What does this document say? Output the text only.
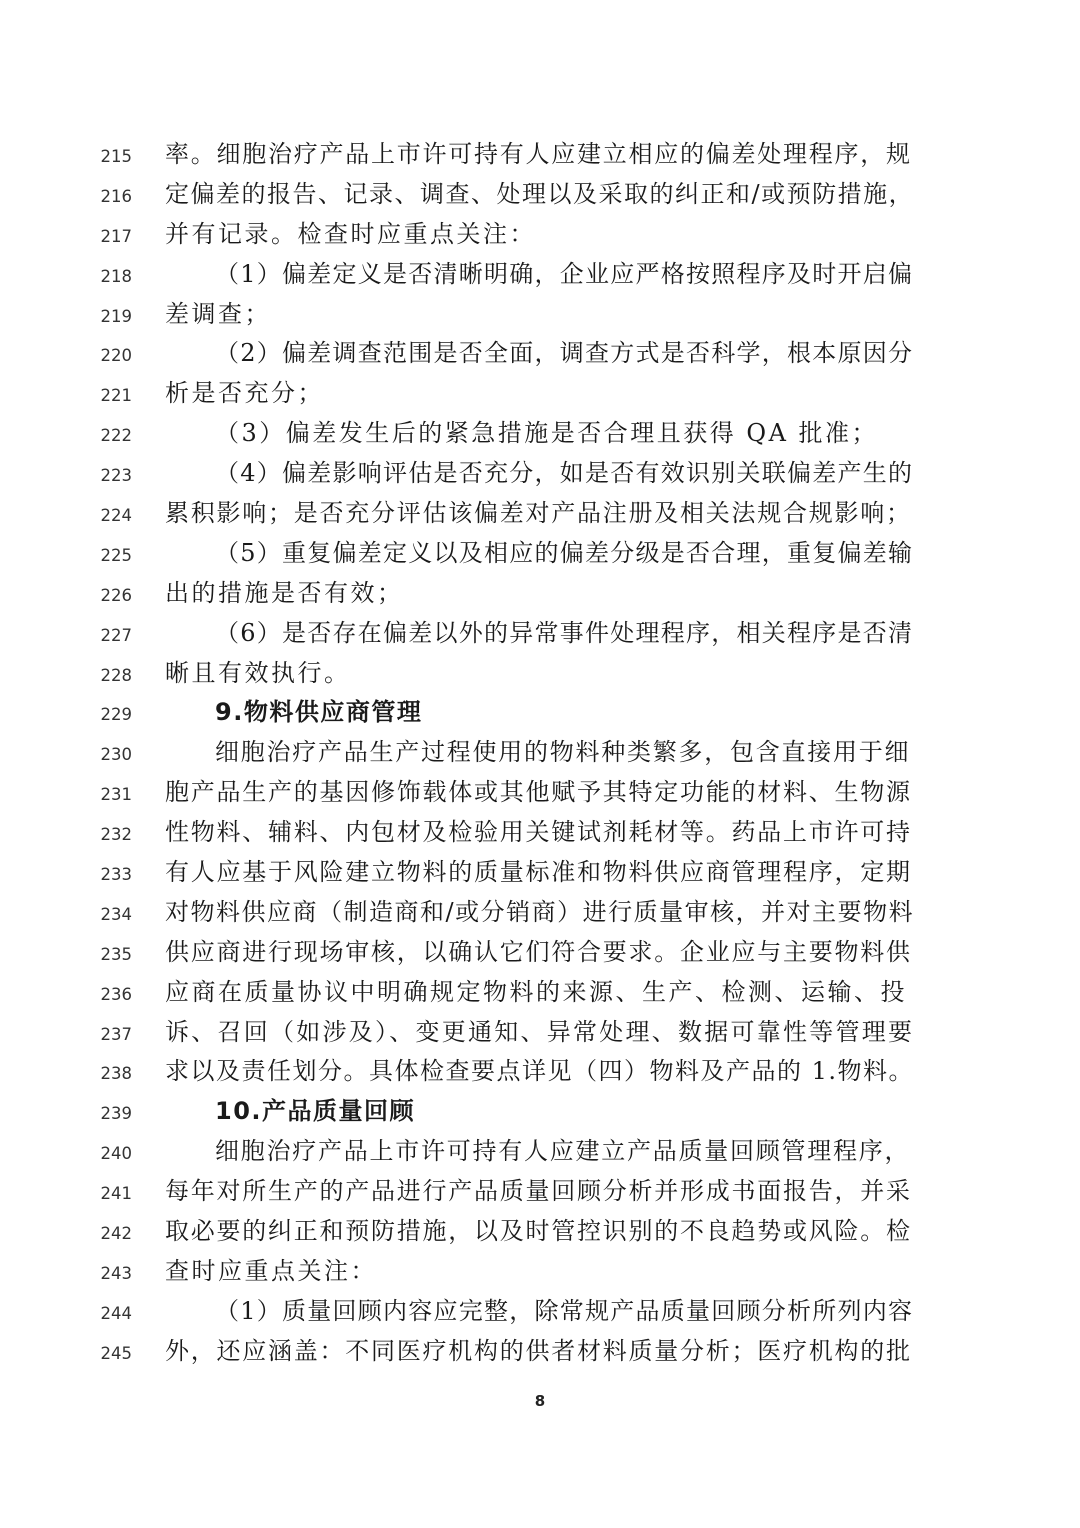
215 率。细胞治疗产品上市许可持有人应建立相应的偏差处理程序，规
216 定偏差的报告、记录、调查、处理以及采取的纠正和/或预防措施，
217 并有记录。检查时应重点关注：
218	（1）偏差定义是否清晰明确，企业应严格按照程序及时开启偏
219 差调查；
220	（2）偏差调查范围是否全面，调查方式是否科学，根本原因分
221 析是否充分；
222	（3）偏差发生后的紧急措施是否合理且获得 QA 批准；
223	（4）偏差影响评估是否充分，如是否有效识别关联偏差产生的
224 累积影响；是否充分评估该偏差对产品注册及相关法规合规影响；
225	（5）重复偏差定义以及相应的偏差分级是否合理，重复偏差输
226 出的措施是否有效；
227	（6）是否存在偏差以外的异常事件处理程序，相关程序是否清
228 晰且有效执行。
229	9.物料供应商管理
230	细胞治疗产品生产过程使用的物料种类繁多，包含直接用于细
231 胞产品生产的基因修饰载体或其他赋予其特定功能的材料、生物源
232 性物料、辅料、内包材及检验用关键试剂耗材等。药品上市许可持
233 有人应基于风险建立物料的质量标准和物料供应商管理程序，定期
234 对物料供应商（制造商和/或分销商）进行质量审核，并对主要物料
235 供应商进行现场审核，以确认它们符合要求。企业应与主要物料供
236 应商在质量协议中明确规定物料的来源、生产、检测、运输、投
237 诉、召回（如涉及）、变更通知、异常处理、数据可靠性等管理要
238 求以及责任划分。具体检查要点详见（四）物料及产品的 1.物料。
239	10.产品质量回顾
240	细胞治疗产品上市许可持有人应建立产品质量回顾管理程序，
241 每年对所生产的产品进行产品质量回顾分析并形成书面报告，并采
242 取必要的纠正和预防措施，以及时管控识别的不良趋势或风险。检
243 查时应重点关注：
244	（1）质量回顾内容应完整，除常规产品质量回顾分析所列内容
245 外，还应涵盖：不同医疗机构的供者材料质量分析；医疗机构的批
8
